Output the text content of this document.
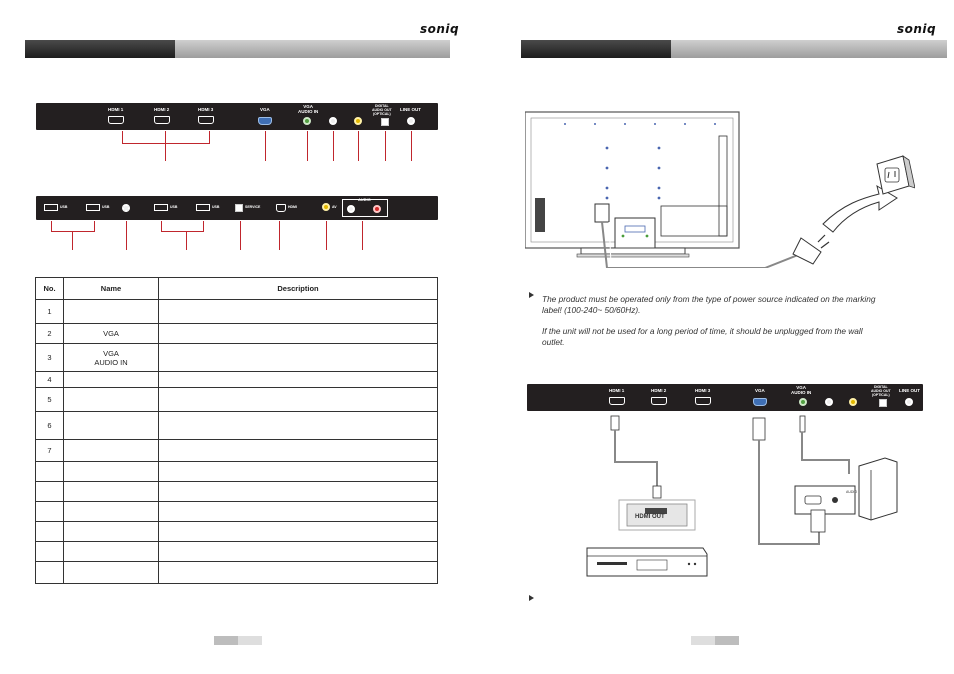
soniq
HDMI 1	HDMI 2	HDMI 3	VGA
VGA
AUDIO IN
DIGITAL
AUDIO OUT
(OPTICAL)
LINE OUT
USB	USB	USB	USB	SERVICE	HDMI	AV
AUDIO
No.	Name	Description
1		
2	VGA	
3	VGA
AUDIO IN	
4		
5		
6		
7		

soniq
The product must be operated only from the type of power source indicated on the marking
label! (100-240~ 50/60Hz).
If the unit will not be used for a long period of time, it should be unplugged from the wall
outlet.
HDMI 1	HDMI 2	HDMI 3	VGA
VGA
AUDIO IN
DIGITAL
AUDIO OUT
(OPTICAL)
LINE OUT
HDMI OUT
AUDIO
